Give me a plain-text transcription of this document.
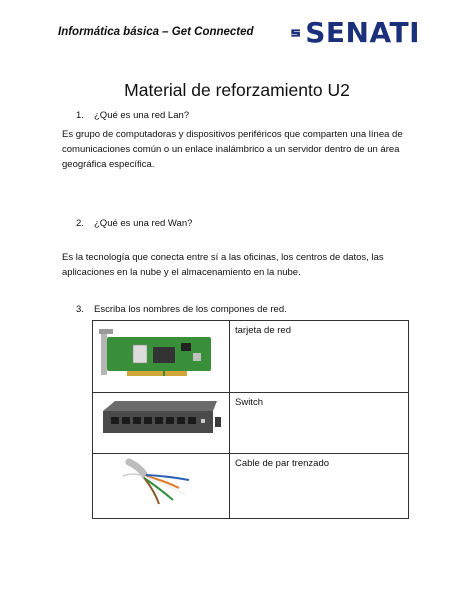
Informática básica – Get Connected SENATI
Material de reforzamiento U2
1. ¿Qué es una red Lan?
Es grupo de computadoras y dispositivos periféricos que comparten una línea de comunicaciones común o un enlace inalámbrico a un servidor dentro de un área geográfica específica.
2. ¿Qué es una red Wan?
Es la tecnología que conecta entre sí a las oficinas, los centros de datos, las aplicaciones en la nube y el almacenamiento en la nube.
3. Escriba los nombres de los compones de red.
	tarjeta de red

	Switch

	Cable de par trenzado
